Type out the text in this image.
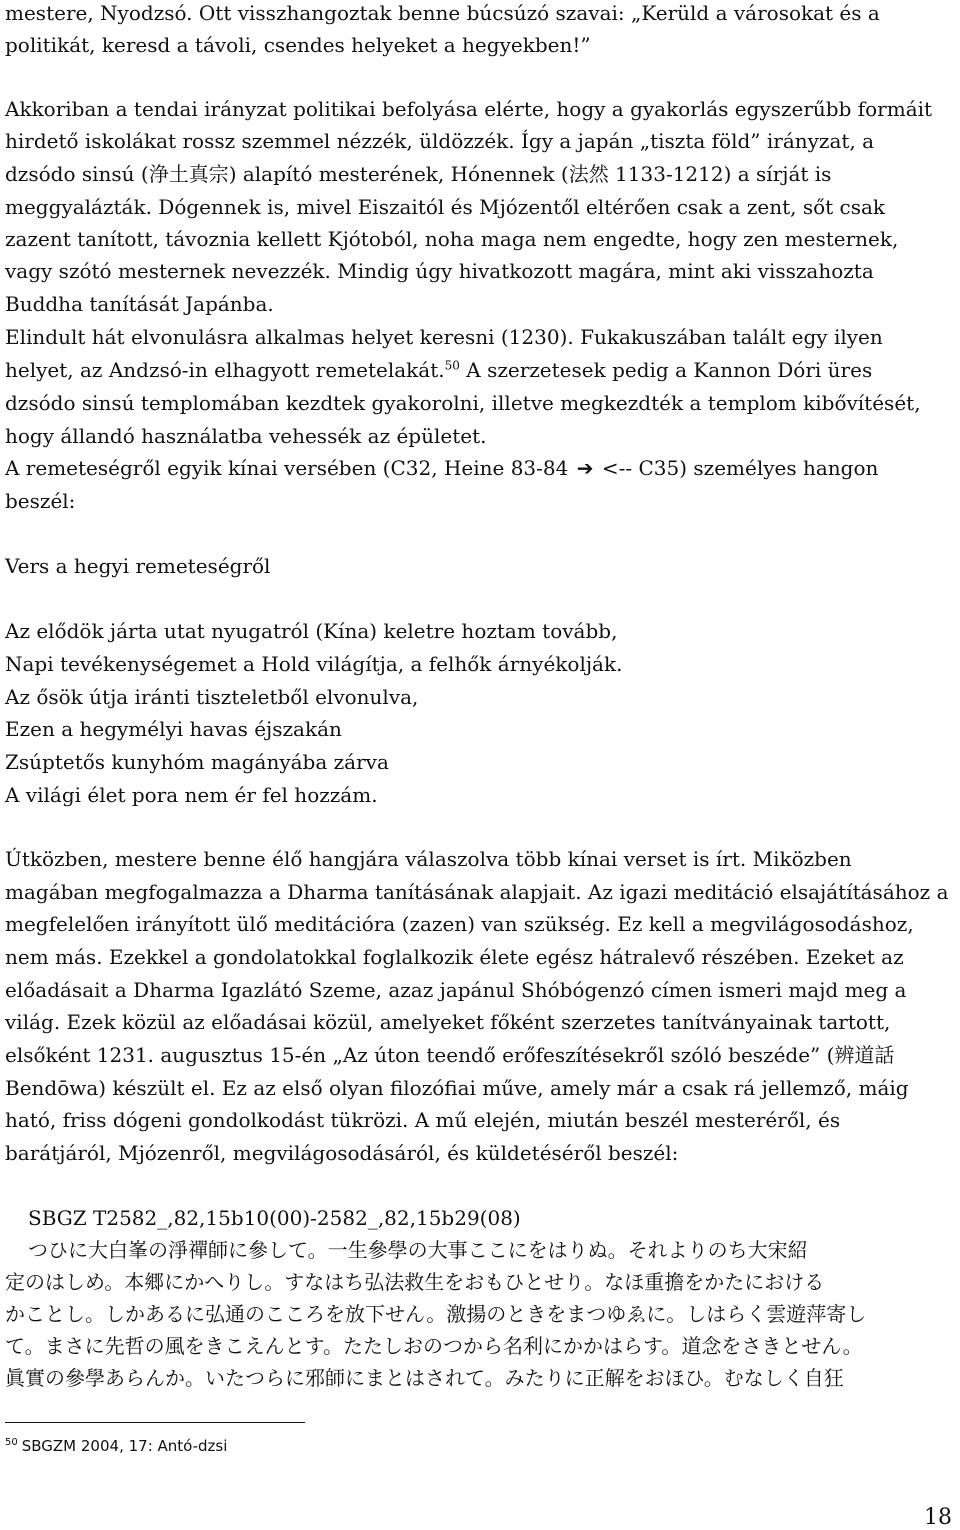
mestere, Nyodzsó. Ott visszhangoztak benne búcsúzó szavai: „Kerüld a városokat és a
politikát, keresd a távoli, csendes helyeket a hegyekben!”
Akkoriban a tendai irányzat politikai befolyása elérte, hogy a gyakorlás egyszerűbb formáit
hirdető iskolákat rossz szemmel nézzék, üldözzék. Így a japán „tiszta föld” irányzat, a
dzsódo sinsú (浄土真宗) alapító mesterének, Hónennek (法然 1133-1212) a sírját is
meggyalázták. Dógennek is, mivel Eiszaitól és Mjózentől eltérően csak a zent, sőt csak
zazent tanított, távoznia kellett Kjótoból, noha maga nem engedte, hogy zen mesternek,
vagy szótó mesternek nevezzék. Mindig úgy hivatkozott magára, mint aki visszahozta
Buddha tanítását Japánba.
Elindult hát elvonulásra alkalmas helyet keresni (1230). Fukakuszában talált egy ilyen
helyet, az Andzsó-in elhagyott remetelakát.$^{50}$ A szerzetesek pedig a Kannon Dóri üres
dzsódo sinsú templomában kezdtek gyakorolni, illetve megkezdték a templom kibővítését,
hogy állandó használatba vehessék az épületet.
A remeteségről egyik kínai versében (C32, Heine 83-84 ➔ <-- C35) személyes hangon
beszél:
Vers a hegyi remeteségről
Az elődök járta utat nyugatról (Kína) keletre hoztam tovább,
Napi tevékenységemet a Hold világítja, a felhők árnyékolják.
Az ősök útja iránti tiszteletből elvonulva,
Ezen a hegymélyi havas éjszakán
Zsúptetős kunyhóm magányába zárva
A világi élet pora nem ér fel hozzám.
Útközben, mestere benne élő hangjára válaszolva több kínai verset is írt. Miközben
magában megfogalmazza a Dharma tanításának alapjait. Az igazi meditáció elsajátításához a
megfelelően irányított ülő meditációra (zazen) van szükség. Ez kell a megvilágosodáshoz,
nem más. Ezekkel a gondolatokkal foglalkozik élete egész hátralevő részében. Ezeket az
előadásait a Dharma Igazlátó Szeme, azaz japánul Shóbógenzó címen ismeri majd meg a
világ. Ezek közül az előadásai közül, amelyeket főként szerzetes tanítványainak tartott,
elsőként 1231. augusztus 15-én „Az úton teendő erőfeszítésekről szóló beszéde” (辨道話
Bendōwa) készült el. Ez az első olyan filozófiai műve, amely már a csak rá jellemző, máig
ható, friss dógeni gondolkodást tükrözi. A mű elején, miután beszél mesteréről, és
barátjáról, Mjózenről, megvilágosodásáról, és küldetéséről beszél:
SBGZ T2582_,82,15b10(00)-2582_,82,15b29(08)
つひに大白峯の淨禪師に參して。一生參學の大事ここにをはりぬ。それよりのち大宋紹
定のはしめ。本郷にかへりし。すなはち弘法救生をおもひとせり。なほ重擔をかたにおける
かことし。しかあるに弘通のこころを放下せん。激揚のときをまつゆゑに。しはらく雲遊萍寄し
て。まさに先哲の風をきこえんとす。たたしおのつから名利にかかはらす。道念をさきとせん。
眞實の參學あらんか。いたつらに邪師にまとはされて。みたりに正解をおほひ。むなしく自狂
$^{50}$ SBGZM 2004, 17: Antó-dzsi
18
